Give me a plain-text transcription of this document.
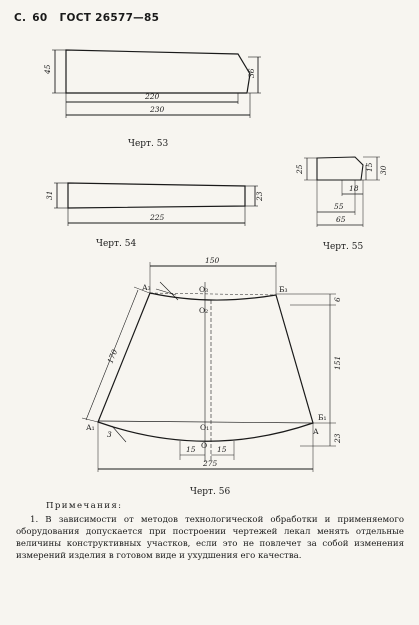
С. 60 ГОСТ 26577—85
45	36
220
230
Черт. 53
31	23
225
Черт. 54
25	15 30
18
55
65
Черт. 55
150
6
151
23
170
275
15	15
3
А₃	О₃	Б₃
О₂
А₁	О₁
Б₁
А
О
Черт. 56
Примечания:
1. В зависимости от методов технологической обработки и применяемого оборудования допускается при построении чертежей лекал менять отдельные величины конструктивных участков, если это не повлечет за собой изменения измерений изделия в готовом виде и ухудшения его качества.
